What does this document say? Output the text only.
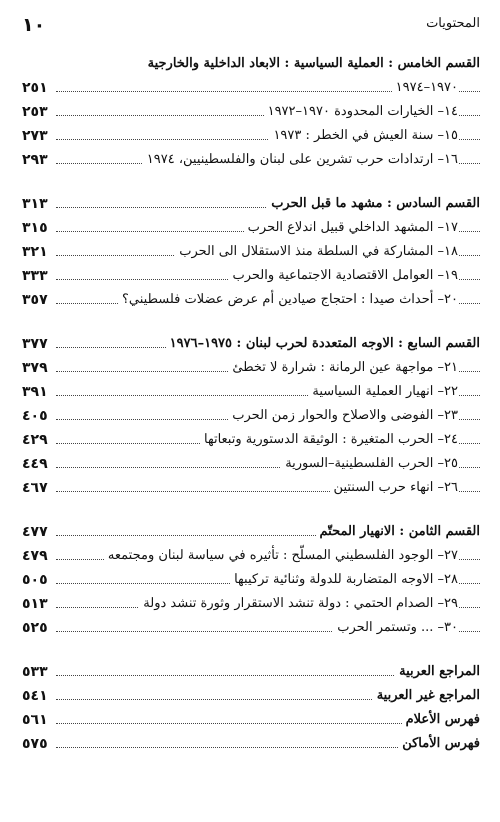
المحتويات
١٠
القسم الخامس : العملية السياسية : الابعاد الداخلية والخارجية
١٩٧٠–١٩٧٤
٢٥١
١٤– الخيارات المحدودة ١٩٧٠–١٩٧٢
٢٥٣
١٥– سنة العيش في الخطر : ١٩٧٣
٢٧٣
١٦– ارتدادات حرب تشرين على لبنان والفلسطينيين، ١٩٧٤
٢٩٣
القسم السادس : مشهد ما قبل الحرب
٣١٣
١٧– المشهد الداخلي قبيل اندلاع الحرب
٣١٥
١٨– المشاركة في السلطة منذ الاستقلال الى الحرب
٣٢١
١٩– العوامل الاقتصادية الاجتماعية والحرب
٣٣٣
٢٠– أحداث صيدا : احتجاج صيادين أم عرض عضلات فلسطيني؟
٣٥٧
القسم السابع : الاوجه المتعددة لحرب لبنان : ١٩٧٥–١٩٧٦
٣٧٧
٢١– مواجهة عين الرمانة : شرارة لا تخطئ
٣٧٩
٢٢– انهيار العملية السياسية
٣٩١
٢٣– الفوضى والاصلاح والحوار زمن الحرب
٤٠٥
٢٤– الحرب المتغيرة : الوثيقة الدستورية وتبعاتها
٤٢٩
٢٥– الحرب الفلسطينية–السورية
٤٤٩
٢٦– انهاء حرب السنتين
٤٦٧
القسم الثامن : الانهيار المحتّم
٤٧٧
٢٧– الوجود الفلسطيني المسلّح : تأثيره في سياسة لبنان ومجتمعه
٤٧٩
٢٨– الاوجه المتضاربة للدولة وثنائية تركيبها
٥٠٥
٢٩– الصدام الحتمي : دولة تنشد الاستقرار وثورة تنشد دولة
٥١٣
٣٠– ... وتستمر الحرب
٥٢٥
المراجع العربية
٥٣٣
المراجع غير العربية
٥٤١
فهرس الأعلام
٥٦١
فهرس الأماكن
٥٧٥
